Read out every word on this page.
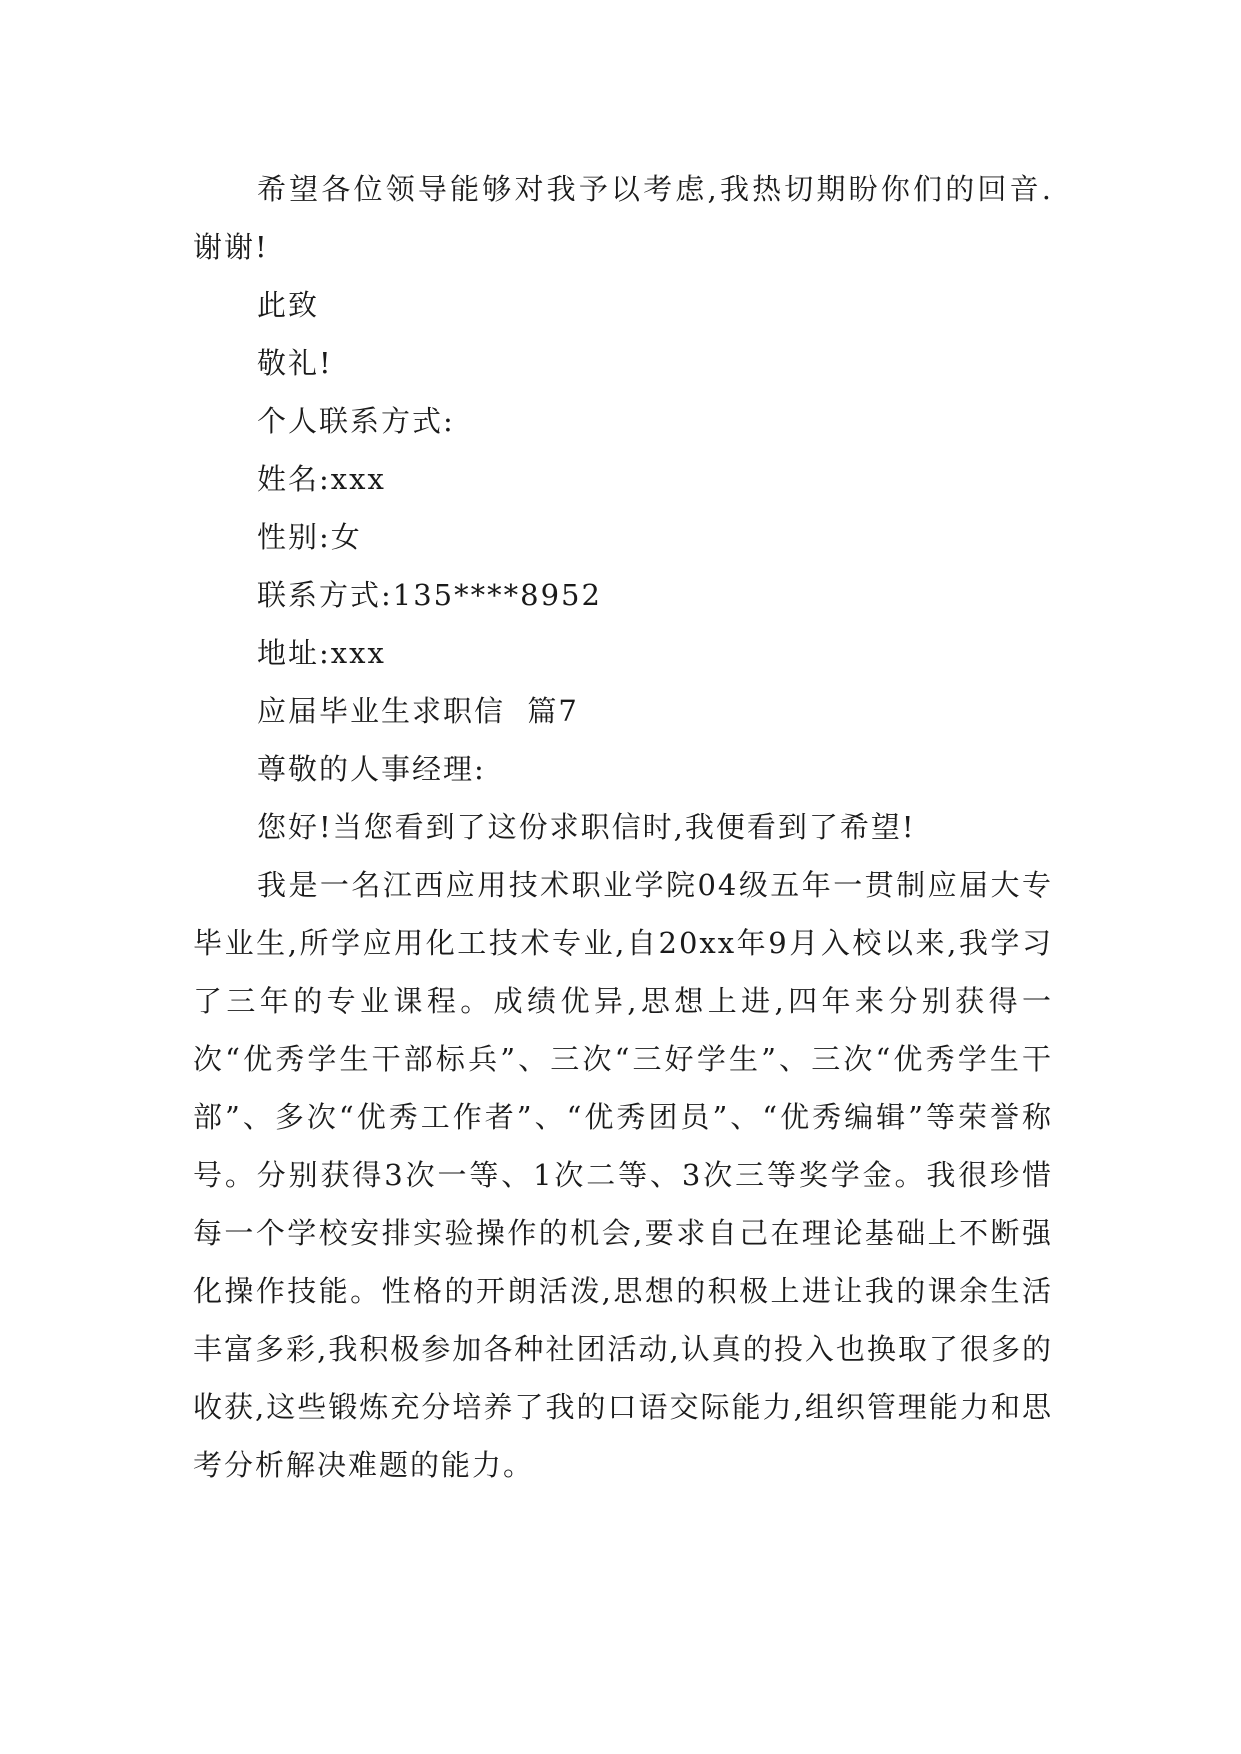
希望各位领导能够对我予以考虑,我热切期盼你们的回音.谢谢!

此致

敬礼!

个人联系方式:

姓名:xxx

性别:女

联系方式:135****8952

地址:xxx

应届毕业生求职信  篇7

尊敬的人事经理:

您好!当您看到了这份求职信时,我便看到了希望!

我是一名江西应用技术职业学院04级五年一贯制应届大专毕业生,所学应用化工技术专业,自20xx年9月入校以来,我学习了三年的专业课程。成绩优异,思想上进,四年来分别获得一次“优秀学生干部标兵”、三次“三好学生”、三次“优秀学生干部”、多次“优秀工作者”、“优秀团员”、“优秀编辑”等荣誉称号。分别获得3次一等、1次二等、3次三等奖学金。我很珍惜每一个学校安排实验操作的机会,要求自己在理论基础上不断强化操作技能。性格的开朗活泼,思想的积极上进让我的课余生活丰富多彩,我积极参加各种社团活动,认真的投入也换取了很多的收获,这些锻炼充分培养了我的口语交际能力,组织管理能力和思考分析解决难题的能力。
